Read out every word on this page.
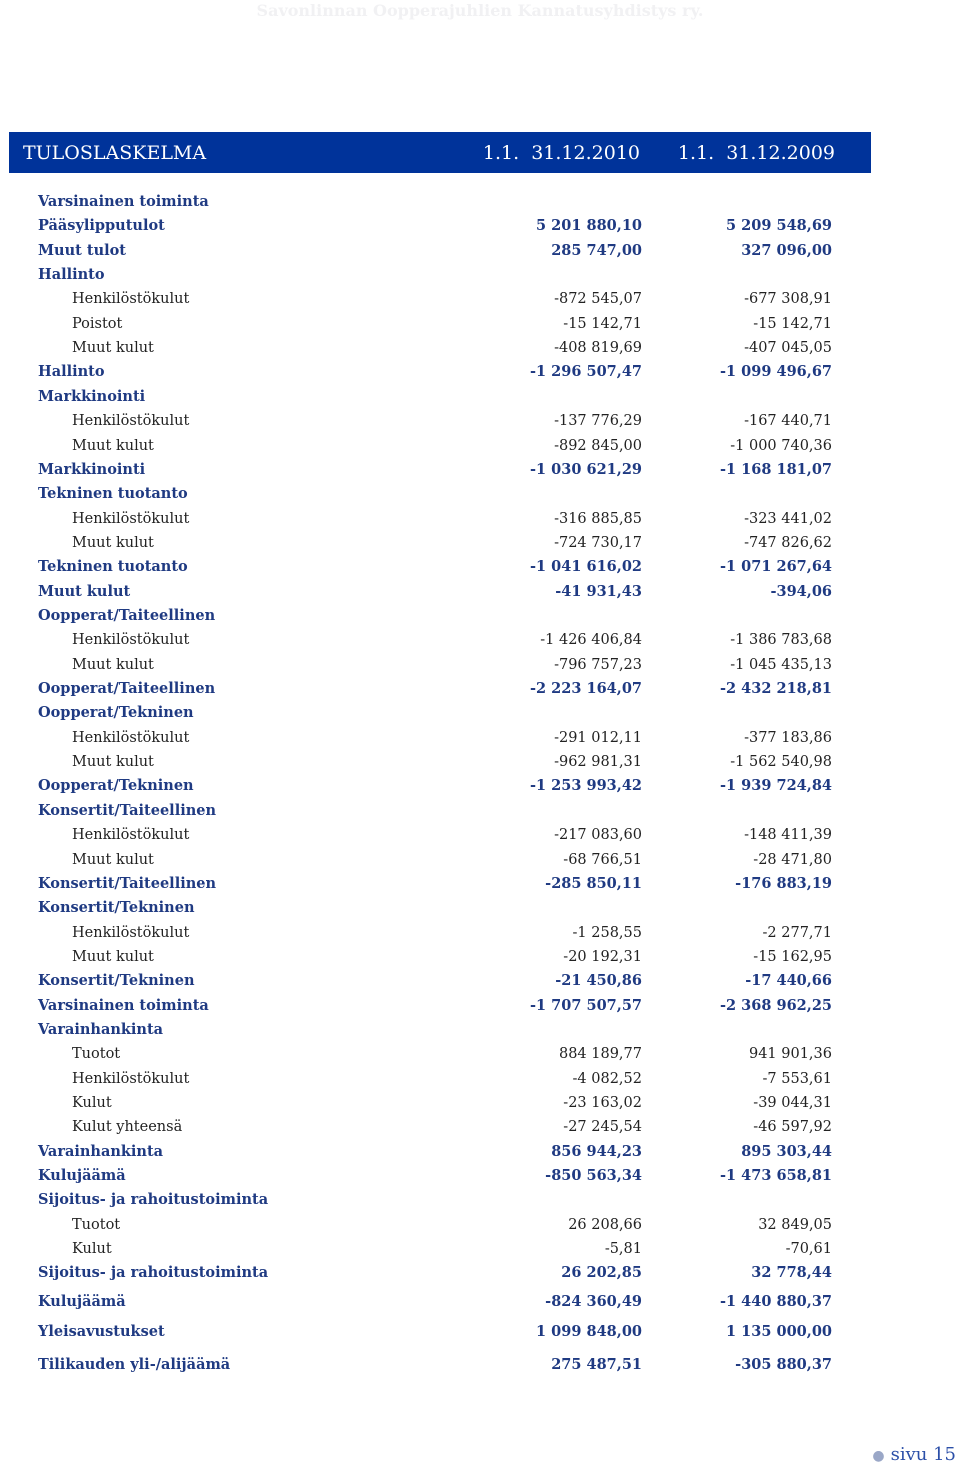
Savonlinnan Oopperajuhlien Kannatusyhdistys ry.
TULOSLASKELMA	1.1.  31.12.2010 1.1.  31.12.2009
Varsinainen toiminta
Pääsylipputulot	5 201 880,10	5 209 548,69
Muut tulot	285 747,00	327 096,00
Hallinto
Henkilöstökulut	-872 545,07	-677 308,91
Poistot	-15 142,71	-15 142,71
Muut kulut	-408 819,69	-407 045,05
Hallinto	-1 296 507,47	-1 099 496,67
Markkinointi
Henkilöstökulut	-137 776,29	-167 440,71
Muut kulut	-892 845,00	-1 000 740,36
Markkinointi	-1 030 621,29	-1 168 181,07
Tekninen tuotanto
Henkilöstökulut	-316 885,85	-323 441,02
Muut kulut	-724 730,17	-747 826,62
Tekninen tuotanto	-1 041 616,02	-1 071 267,64
Muut kulut	-41 931,43	-394,06
Oopperat/Taiteellinen
Henkilöstökulut	-1 426 406,84	-1 386 783,68
Muut kulut	-796 757,23	-1 045 435,13
Oopperat/Taiteellinen	-2 223 164,07	-2 432 218,81
Oopperat/Tekninen
Henkilöstökulut	-291 012,11	-377 183,86
Muut kulut	-962 981,31	-1 562 540,98
Oopperat/Tekninen	-1 253 993,42	-1 939 724,84
Konsertit/Taiteellinen
Henkilöstökulut	-217 083,60	-148 411,39
Muut kulut	-68 766,51	-28 471,80
Konsertit/Taiteellinen	-285 850,11	-176 883,19
Konsertit/Tekninen
Henkilöstökulut	-1 258,55	-2 277,71
Muut kulut	-20 192,31	-15 162,95
Konsertit/Tekninen	-21 450,86	-17 440,66
Varsinainen toiminta	-1 707 507,57	-2 368 962,25
Varainhankinta
Tuotot	884 189,77	941 901,36
Henkilöstökulut	-4 082,52	-7 553,61
Kulut	-23 163,02	-39 044,31
Kulut yhteensä	-27 245,54	-46 597,92
Varainhankinta	856 944,23	895 303,44
Kulujäämä	-850 563,34	-1 473 658,81
Sijoitus- ja rahoitustoiminta
Tuotot	26 208,66	32 849,05
Kulut	-5,81	-70,61
Sijoitus- ja rahoitustoiminta	26 202,85	32 778,44
Kulujäämä	-824 360,49	-1 440 880,37
Yleisavustukset	1 099 848,00	1 135 000,00
Tilikauden yli-/alijäämä	275 487,51	-305 880,37
● sivu 15
